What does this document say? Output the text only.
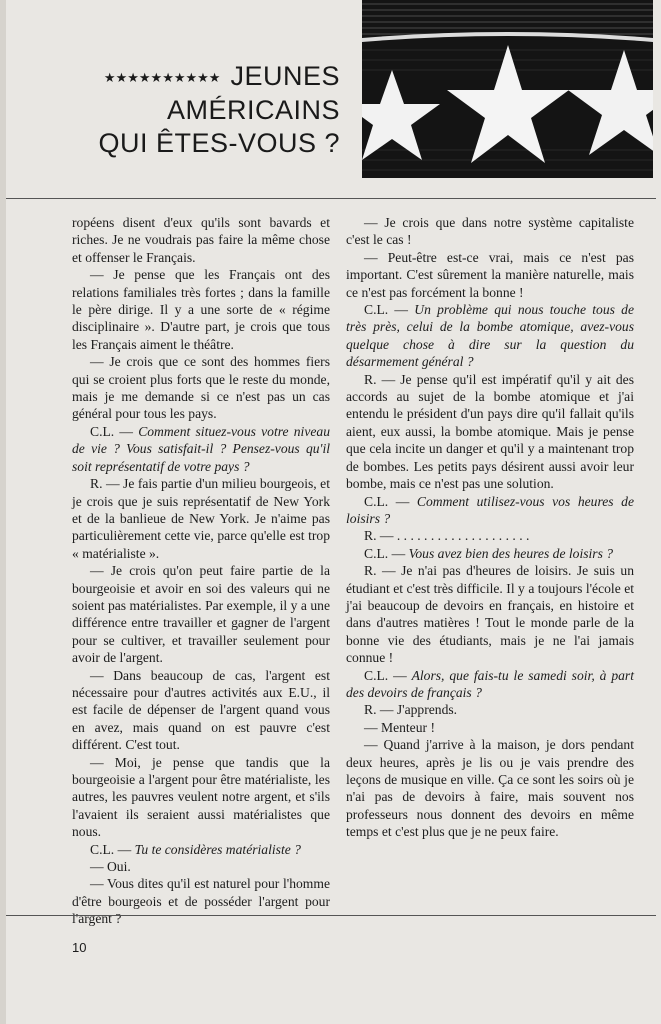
★★★★★★★★★★ JEUNES
AMÉRICAINS
QUI ÊTES-VOUS ?

ropéens disent d'eux qu'ils sont bavards et riches. Je ne voudrais pas faire la même chose et offenser le Français.

— Je pense que les Français ont des relations familiales très fortes ; dans la famille le père dirige. Il y a une sorte de « régime disciplinaire ». D'autre part, je crois que tous les Français aiment le théâtre.

— Je crois que ce sont des hommes fiers qui se croient plus forts que le reste du monde, mais je me demande si ce n'est pas un cas général pour tous les pays.

C.L. — Comment situez-vous votre niveau de vie ? Vous satisfait-il ? Pensez-vous qu'il soit représentatif de votre pays ?

R. — Je fais partie d'un milieu bourgeois, et je crois que je suis représentatif de New York et de la banlieue de New York. Je n'aime pas particulièrement cette vie, parce qu'elle est trop « matérialiste ».

— Je crois qu'on peut faire partie de la bourgeoisie et avoir en soi des valeurs qui ne soient pas matérialistes. Par exemple, il y a une différence entre travailler et gagner de l'argent pour se cultiver, et travailler seulement pour avoir de l'argent.

— Dans beaucoup de cas, l'argent est nécessaire pour d'autres activités aux E.U., il est facile de dépenser de l'argent quand vous en avez, mais quand on est pauvre c'est différent. C'est tout.

— Moi, je pense que tandis que la bourgeoisie a l'argent pour être matérialiste, les autres, les pauvres veulent notre argent, et s'ils l'avaient ils seraient aussi matérialistes que nous.

C.L. — Tu te considères matérialiste ?

— Oui.

— Vous dites qu'il est naturel pour l'homme d'être bourgeois et de posséder l'argent pour l'argent ?

— Je crois que dans notre système capitaliste c'est le cas !

— Peut-être est-ce vrai, mais ce n'est pas important. C'est sûrement la manière naturelle, mais ce n'est pas forcément la bonne !

C.L. — Un problème qui nous touche tous de très près, celui de la bombe atomique, avez-vous quelque chose à dire sur la question du désarmement général ?

R. — Je pense qu'il est impératif qu'il y ait des accords au sujet de la bombe atomique et j'ai entendu le président d'un pays dire qu'il fallait qu'ils aient, eux aussi, la bombe atomique. Mais je pense que cela incite un danger et qu'il y a maintenant trop de bombes. Les petits pays désirent aussi avoir leur bombe, mais ce n'est pas une solution.

C.L. — Comment utilisez-vous vos heures de loisirs ?

R. — . . . . . . . . . . . . . . . . . . . .

C.L. — Vous avez bien des heures de loisirs ?

R. — Je n'ai pas d'heures de loisirs. Je suis un étudiant et c'est très difficile. Il y a toujours l'école et j'ai beaucoup de devoirs en français, en histoire et dans d'autres matières ! Tout le monde parle de la bonne vie des étudiants, mais je ne l'ai jamais connue !

C.L. — Alors, que fais-tu le samedi soir, à part des devoirs de français ?

R. — J'apprends.

— Menteur !

— Quand j'arrive à la maison, je dors pendant deux heures, après je lis ou je vais prendre des leçons de musique en ville. Ça ce sont les soirs où je n'ai pas de devoirs à faire, mais souvent nos professeurs nous donnent des devoirs en même temps et c'est plus que je ne peux faire.

10
